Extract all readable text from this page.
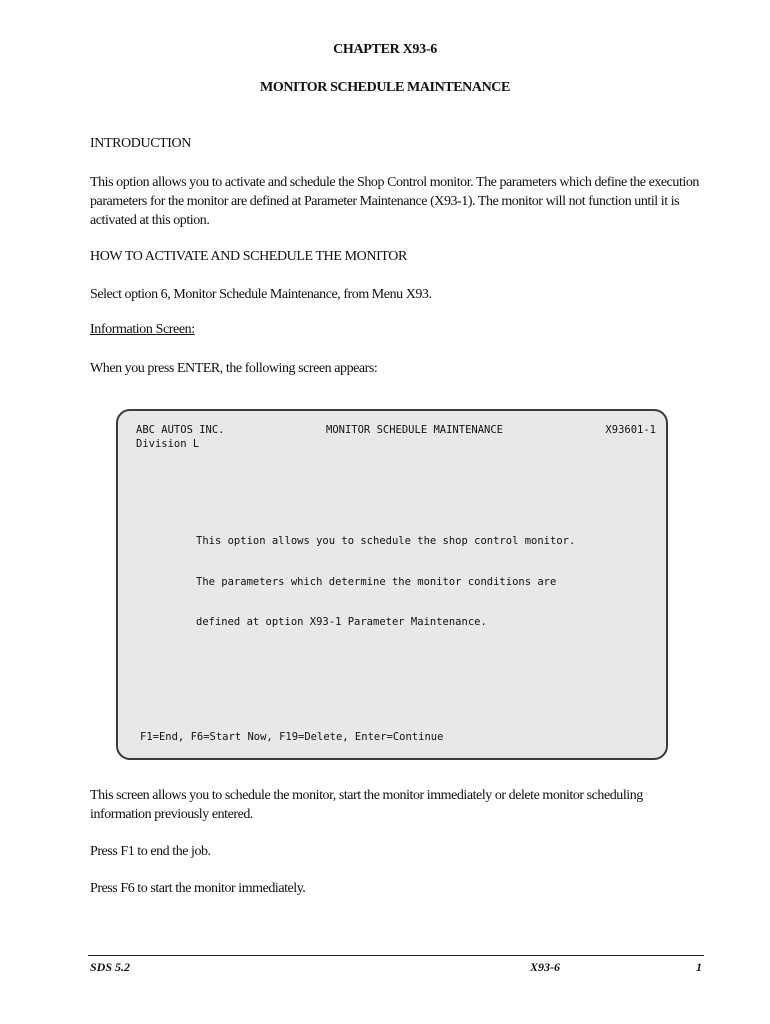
CHAPTER X93-6
MONITOR SCHEDULE MAINTENANCE
INTRODUCTION

This option allows you to activate and schedule the Shop Control monitor. The parameters which define the execution parameters for the monitor are defined at Parameter Maintenance (X93-1). The monitor will not function until it is activated at this option.

HOW TO ACTIVATE AND SCHEDULE THE MONITOR

Select option 6, Monitor Schedule Maintenance, from Menu X93.

Information Screen:

When you press ENTER, the following screen appears:

ABC AUTOS INC.	MONITOR SCHEDULE MAINTENANCE	X93601-1
Division L

This option allows you to schedule the shop control monitor.

The parameters which determine the monitor conditions are

defined at option X93-1 Parameter Maintenance.

F1=End, F6=Start Now, F19=Delete, Enter=Continue

This screen allows you to schedule the monitor, start the monitor immediately or delete monitor scheduling information previously entered.

Press F1 to end the job.

Press F6 to start the monitor immediately.

SDS 5.2	X93-6	1
